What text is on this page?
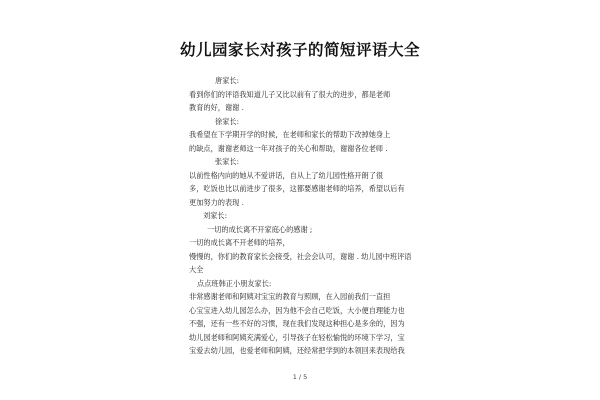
幼儿园家长对孩子的简短评语大全
唐家长:
看到你们的评语我知道儿子又比以前有了很大的进步，都是老师
教育的好，谢谢 .
徐家长:
我希望在下学期开学的时候，在老师和家长的帮助下改掉她身上
的缺点，谢谢老师这一年对孩子的关心和帮助，谢谢各位老师 .
张家长:
以前性格内向的她从不爱讲话，自从上了幼儿园性格开朗了很
多，吃饭也比以前进步了很多，这都要感谢老师的培养，希望以后有
更加努力的表现 .
刘家长:
一切的成长离不开家庭心的感谢 ;
一切的成长离不开老师的培养，
慢慢的，你们的教育家长会接受，社会会认可，谢谢 . 幼儿园中班评语
大全
点点班韩正小朋友家长:
非常感谢老师和阿姨对宝宝的教育与照顾，在入园前我们一直担
心宝宝进入幼儿园怎么办，因为他不会自己吃饭，大小便自理能力也
不强，还有一些不好的习惯，现在我们发现这种担心是多余的，因为
幼儿园老师和阿姨充满爱心，引导孩子在轻松愉悦的环境下学习，宝
宝爱去幼儿园，也爱老师和阿姨，还经常把学到的本领回来表现给我
1 / 5
